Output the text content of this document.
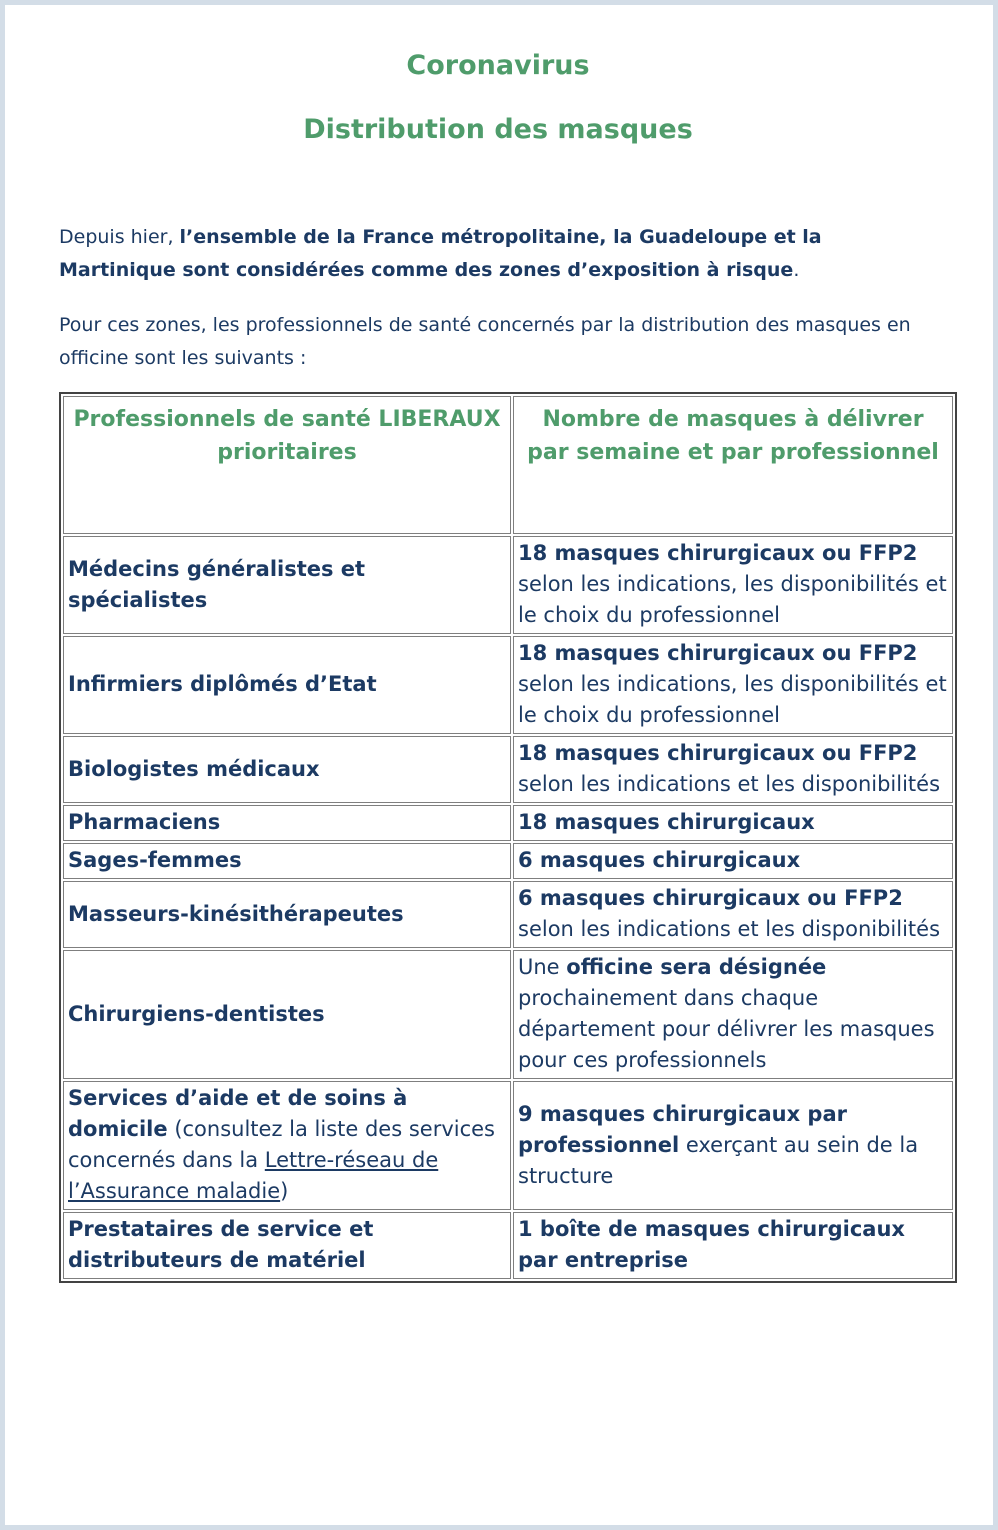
Coronavirus
Distribution des masques

Depuis hier, l’ensemble de la France métropolitaine, la Guadeloupe et la Martinique sont considérées comme des zones d’exposition à risque.

Pour ces zones, les professionnels de santé concernés par la distribution des masques en officine sont les suivants :

Professionnels de santé LIBERAUX prioritaires	Nombre de masques à délivrer par semaine et par professionnel
Médecins généralistes et spécialistes	18 masques chirurgicaux ou FFP2 selon les indications, les disponibilités et le choix du professionnel
Infirmiers diplômés d’Etat	18 masques chirurgicaux ou FFP2 selon les indications, les disponibilités et le choix du professionnel
Biologistes médicaux	18 masques chirurgicaux ou FFP2 selon les indications et les disponibilités
Pharmaciens	18 masques chirurgicaux
Sages-femmes	6 masques chirurgicaux
Masseurs-kinésithérapeutes	6 masques chirurgicaux ou FFP2 selon les indications et les disponibilités
Chirurgiens-dentistes	Une officine sera désignée prochainement dans chaque département pour délivrer les masques pour ces professionnels
Services d’aide et de soins à domicile (consultez la liste des services concernés dans la Lettre-réseau de l’Assurance maladie)	9 masques chirurgicaux par professionnel exerçant au sein de la structure
Prestataires de service et distributeurs de matériel	1 boîte de masques chirurgicaux par entreprise
